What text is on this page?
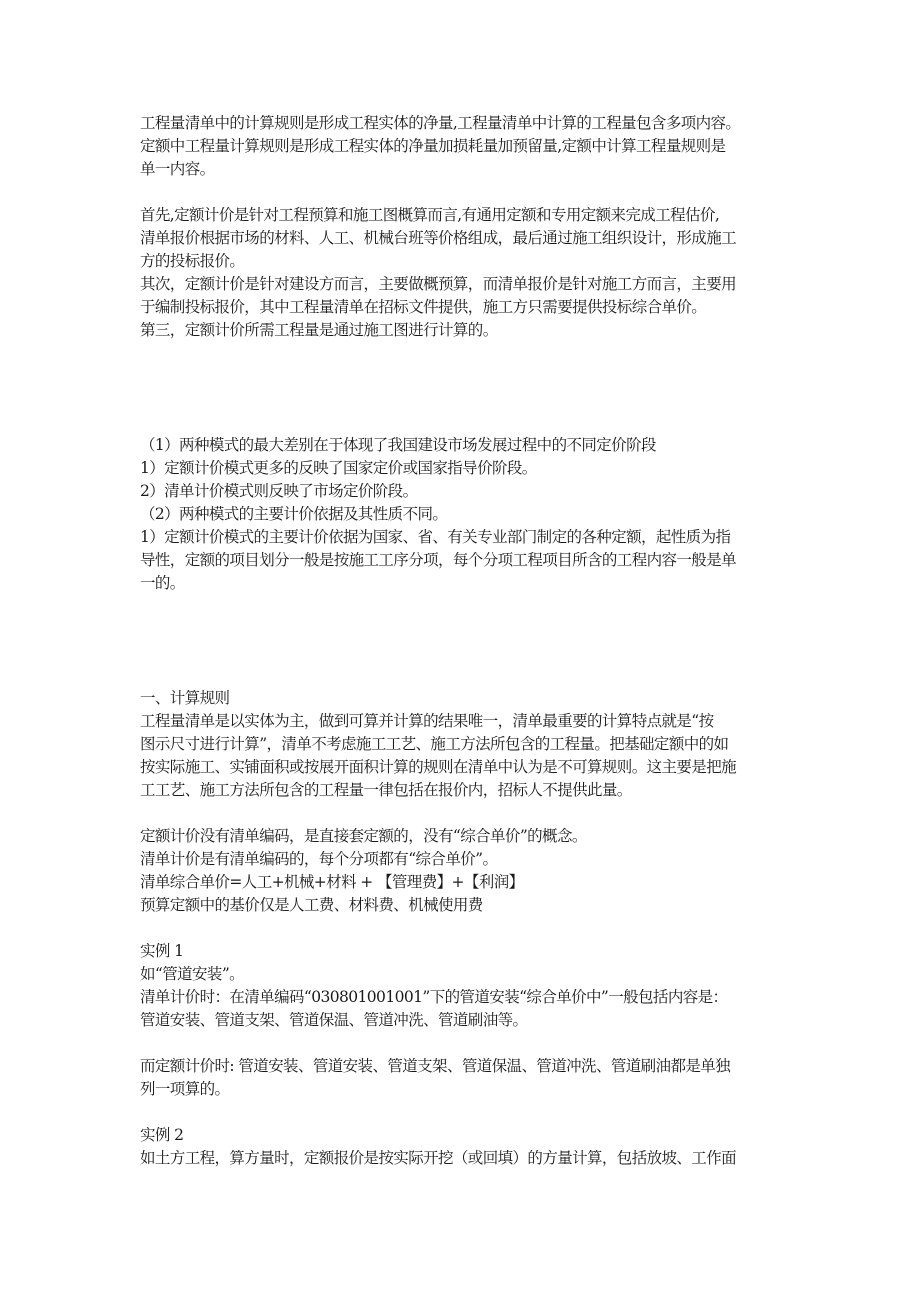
工程量清单中的计算规则是形成工程实体的净量,工程量清单中计算的工程量包含多项内容。
定额中工程量计算规则是形成工程实体的净量加损耗量加预留量,定额中计算工程量规则是
单一内容。
首先,定额计价是针对工程预算和施工图概算而言,有通用定额和专用定额来完成工程估价,
清单报价根据市场的材料、人工、机械台班等价格组成，最后通过施工组织设计，形成施工
方的投标报价。
其次，定额计价是针对建设方而言，主要做概预算，而清单报价是针对施工方而言，主要用
于编制投标报价，其中工程量清单在招标文件提供，施工方只需要提供投标综合单价。
第三，定额计价所需工程量是通过施工图进行计算的。
（1）两种模式的最大差别在于体现了我国建设市场发展过程中的不同定价阶段
1）定额计价模式更多的反映了国家定价或国家指导价阶段。
2）清单计价模式则反映了市场定价阶段。
（2）两种模式的主要计价依据及其性质不同。
1）定额计价模式的主要计价依据为国家、省、有关专业部门制定的各种定额，起性质为指
导性，定额的项目划分一般是按施工工序分项，每个分项工程项目所含的工程内容一般是单
一的。
一、计算规则
工程量清单是以实体为主，做到可算并计算的结果唯一，清单最重要的计算特点就是“按
图示尺寸进行计算”，清单不考虑施工工艺、施工方法所包含的工程量。把基础定额中的如
按实际施工、实铺面积或按展开面积计算的规则在清单中认为是不可算规则。这主要是把施
工工艺、施工方法所包含的工程量一律包括在报价内，招标人不提供此量。
定额计价没有清单编码，是直接套定额的，没有“综合单价”的概念。
清单计价是有清单编码的，每个分项都有“综合单价”。
清单综合单价=人工+机械+材料 + 【管理费】+【利润】
预算定额中的基价仅是人工费、材料费、机械使用费
实例 1
如“管道安装”。
清单计价时：在清单编码“030801001001”下的管道安装“综合单价中”一般包括内容是：
管道安装、管道支架、管道保温、管道冲洗、管道刷油等。
而定额计价时: 管道安装、管道安装、管道支架、管道保温、管道冲洗、管道刷油都是单独
列一项算的。
实例 2
如土方工程，算方量时，定额报价是按实际开挖（或回填）的方量计算，包括放坡、工作面
